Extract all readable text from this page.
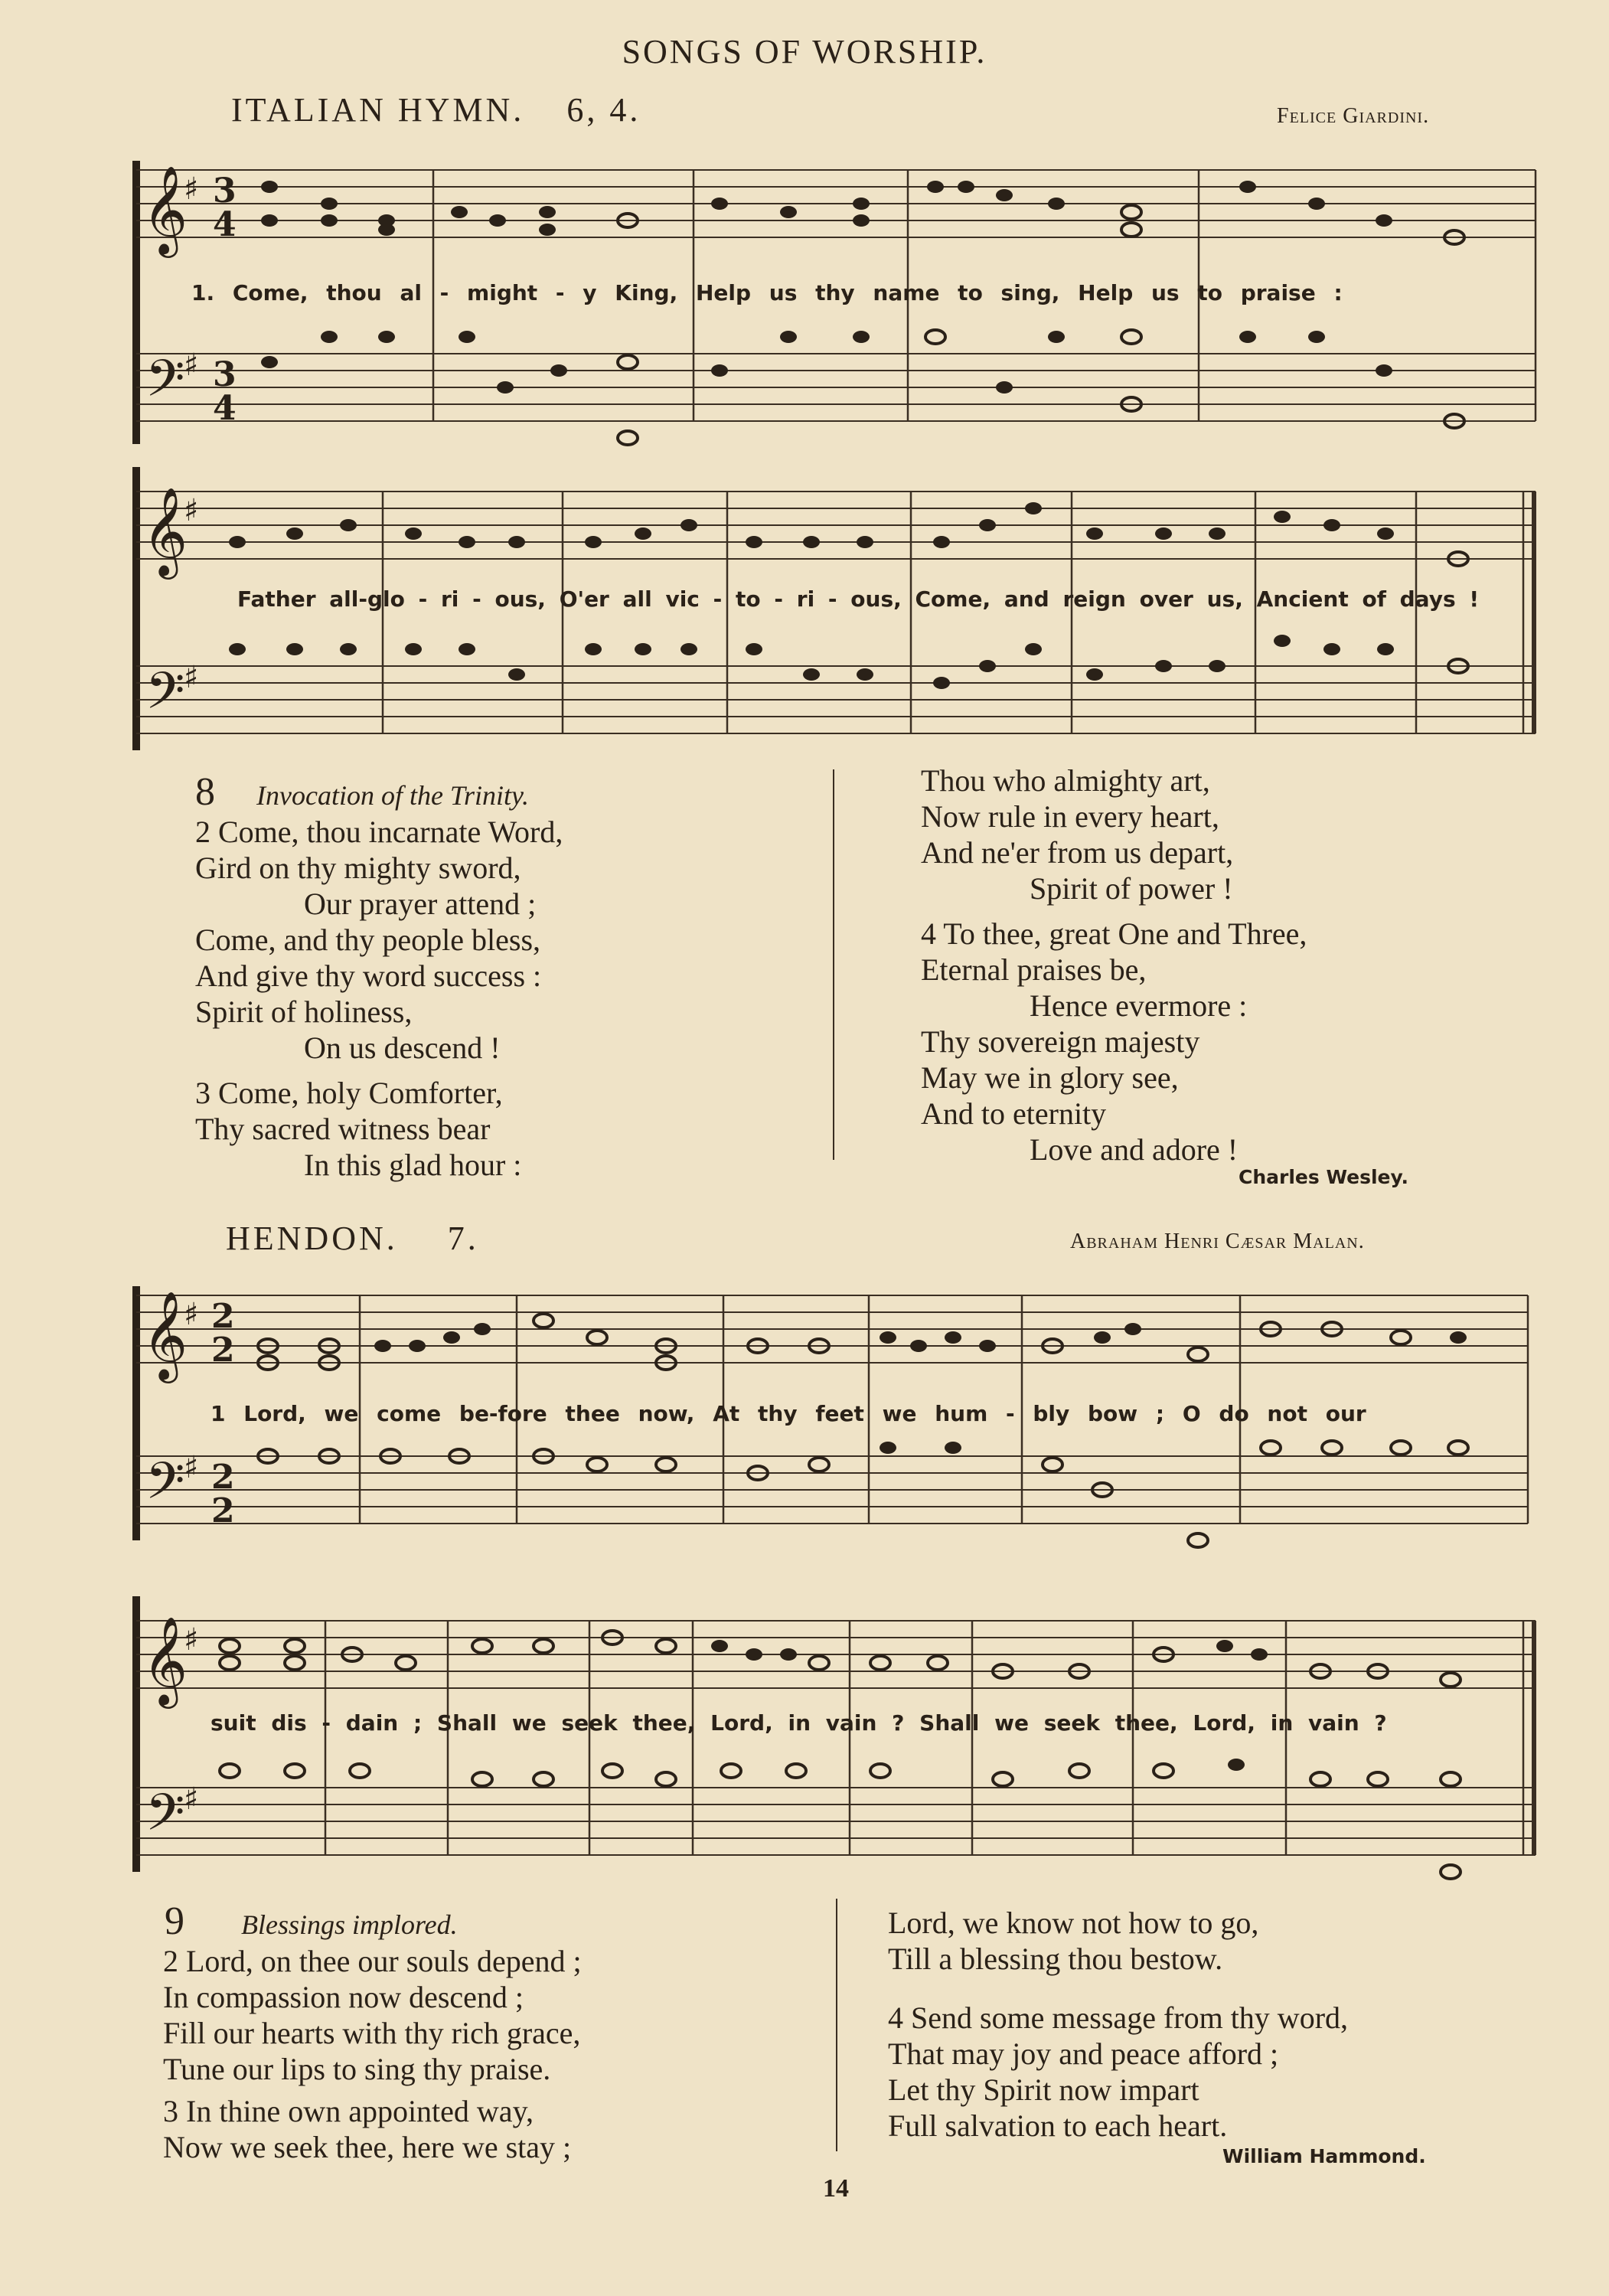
SONGS OF WORSHIP.
ITALIAN HYMN. 6, 4.	Felice Giardini.
𝄞
𝄢
♯
♯
3
4
3
4
1. Come, thou al - might - y King, Help us thy name to sing, Help us to praise :
𝄞
𝄢
♯
♯
Father all-glo - ri - ous, O'er all vic - to - ri - ous, Come, and reign over us, Ancient of days !
8 Invocation of the Trinity.
2 Come, thou incarnate Word,
Gird on thy mighty sword,
Our prayer attend ;
Come, and thy people bless,
And give thy word success :
Spirit of holiness,
On us descend !
3 Come, holy Comforter,
Thy sacred witness bear
In this glad hour :
Thou who almighty art,
Now rule in every heart,
And ne'er from us depart,
Spirit of power !
4 To thee, great One and Three,
Eternal praises be,
Hence evermore :
Thy sovereign majesty
May we in glory see,
And to eternity
Love and adore !
Charles Wesley.
HENDON. 7.	Abraham Henri Cæsar Malan.
𝄞
𝄢
♯
♯
2
2
2
2
1 Lord, we come be-fore thee now, At thy feet we hum - bly bow ; O do not our
𝄞
𝄢
♯
♯
suit dis - dain ; Shall we seek thee, Lord, in vain ? Shall we seek thee, Lord, in vain ?
9 Blessings implored.
2 Lord, on thee our souls depend ;
In compassion now descend ;
Fill our hearts with thy rich grace,
Tune our lips to sing thy praise.
3 In thine own appointed way,
Now we seek thee, here we stay ;
Lord, we know not how to go,
Till a blessing thou bestow.
4 Send some message from thy word,
That may joy and peace afford ;
Let thy Spirit now impart
Full salvation to each heart.
William Hammond.
14
